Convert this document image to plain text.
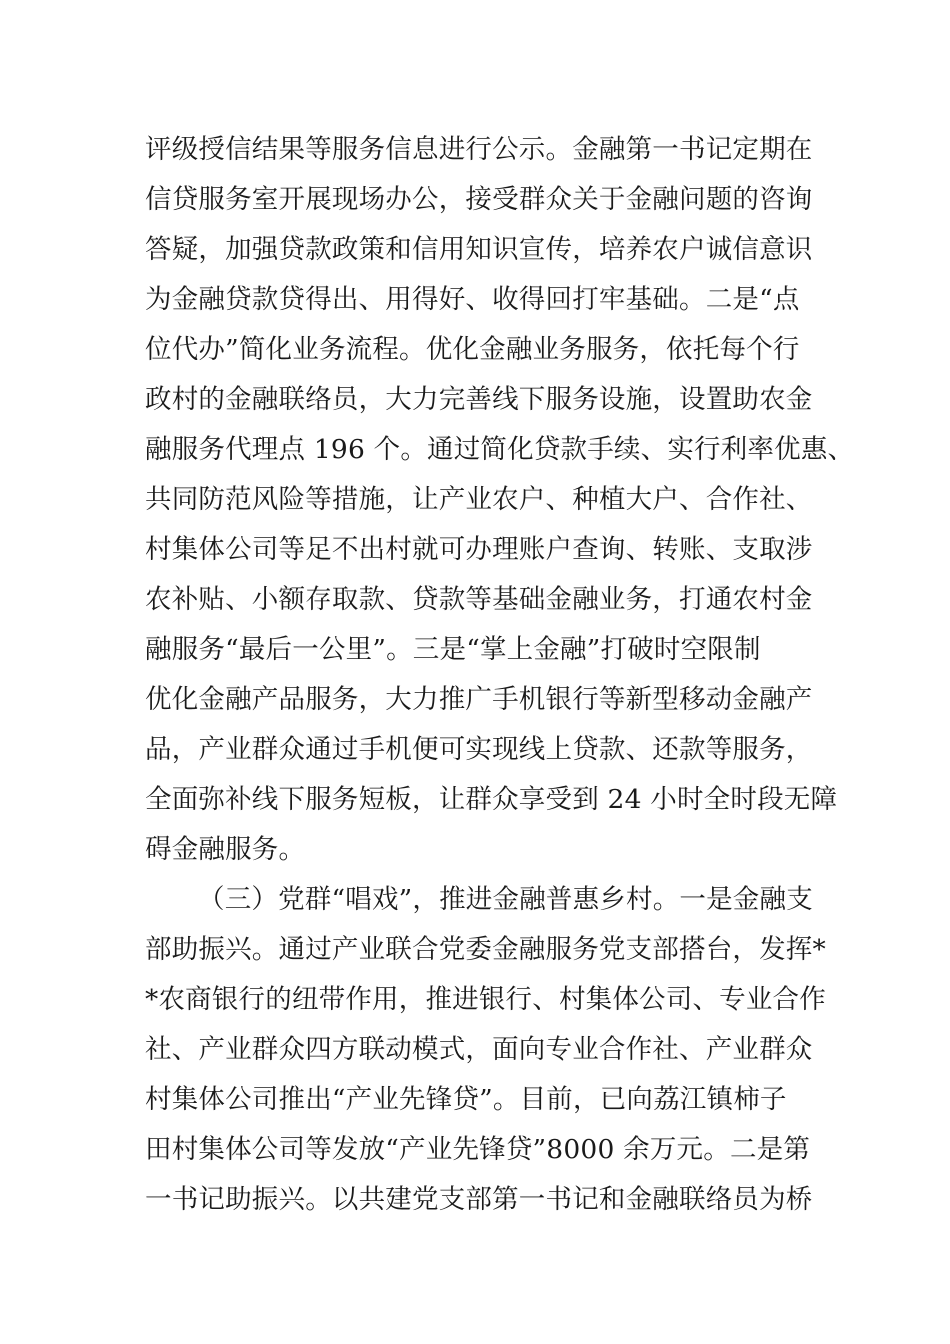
评级授信结果等服务信息进行公示。金融第一书记定期在
信贷服务室开展现场办公，接受群众关于金融问题的咨询
答疑，加强贷款政策和信用知识宣传，培养农户诚信意识
为金融贷款贷得出、用得好、收得回打牢基础。二是“点
位代办”简化业务流程。优化金融业务服务，依托每个行
政村的金融联络员，大力完善线下服务设施，设置助农金
融服务代理点 196 个。通过简化贷款手续、实行利率优惠、
共同防范风险等措施，让产业农户、种植大户、合作社、
村集体公司等足不出村就可办理账户查询、转账、支取涉
农补贴、小额存取款、贷款等基础金融业务，打通农村金
融服务“最后一公里”。三是“掌上金融”打破时空限制
优化金融产品服务，大力推广手机银行等新型移动金融产
品，产业群众通过手机便可实现线上贷款、还款等服务，
全面弥补线下服务短板，让群众享受到 24 小时全时段无障
碍金融服务。
（三）党群“唱戏”，推进金融普惠乡村。一是金融支
部助振兴。通过产业联合党委金融服务党支部搭台，发挥*
*农商银行的纽带作用，推进银行、村集体公司、专业合作
社、产业群众四方联动模式，面向专业合作社、产业群众
村集体公司推出“产业先锋贷”。目前，已向荔江镇柿子
田村集体公司等发放“产业先锋贷”8000 余万元。二是第
一书记助振兴。以共建党支部第一书记和金融联络员为桥
